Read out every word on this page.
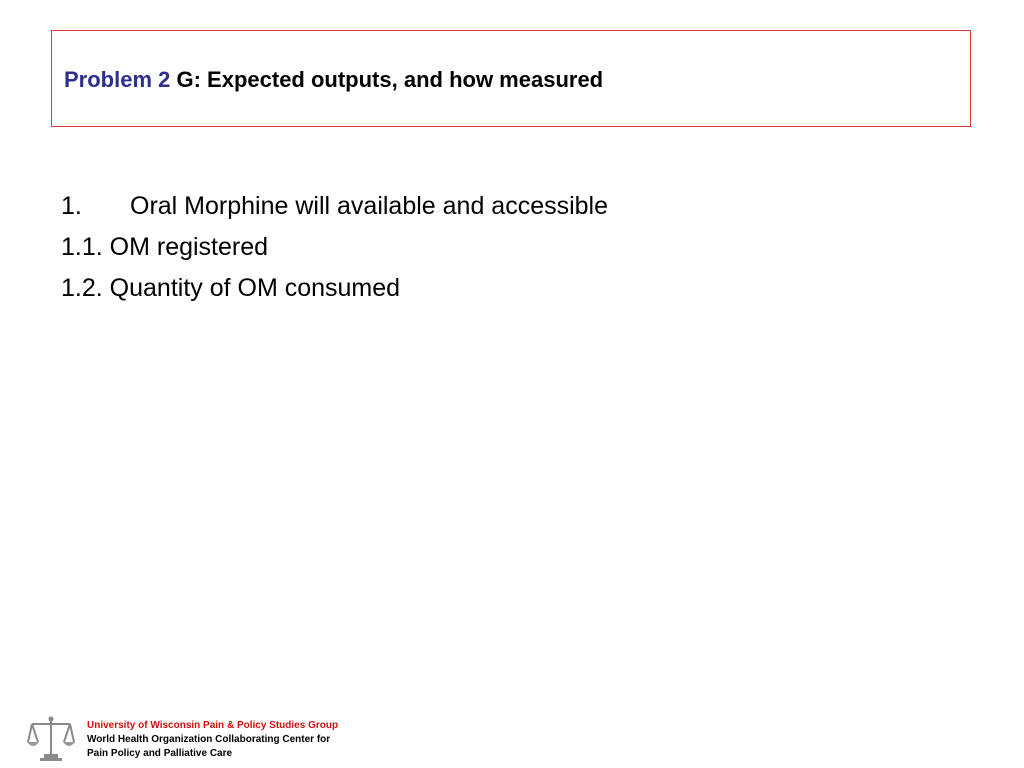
Problem 2 G: Expected outputs, and how measured
1. Oral Morphine will available and accessible
1.1. OM registered
1.2. Quantity of OM consumed
University of Wisconsin Pain & Policy Studies Group
World Health Organization Collaborating Center for
Pain Policy and Palliative Care
